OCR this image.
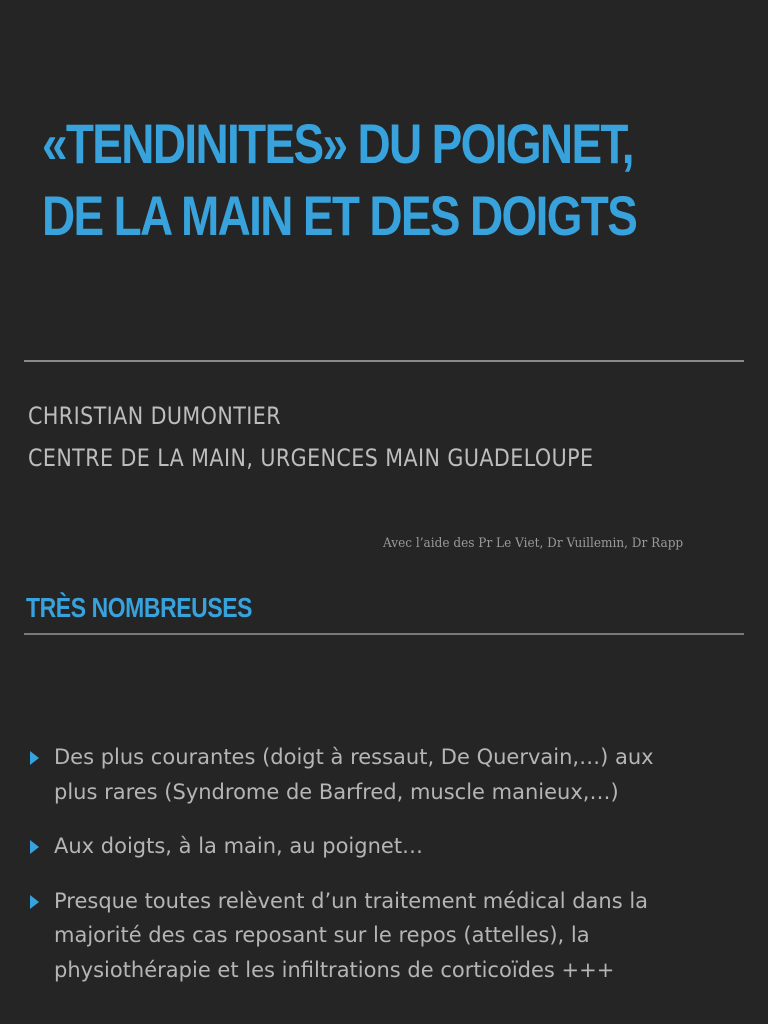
«TENDINITES» DU POIGNET,
DE LA MAIN ET DES DOIGTS
CHRISTIAN DUMONTIER
CENTRE DE LA MAIN, URGENCES MAIN GUADELOUPE
Avec l’aide des Pr Le Viet, Dr Vuillemin, Dr Rapp
TRÈS NOMBREUSES
Des plus courantes (doigt à ressaut, De Quervain,…) aux
plus rares (Syndrome de Barfred, muscle manieux,…)
Aux doigts, à la main, au poignet…
Presque toutes relèvent d’un traitement médical dans la
majorité des cas reposant sur le repos (attelles), la
physiothérapie et les infiltrations de corticoïdes +++
